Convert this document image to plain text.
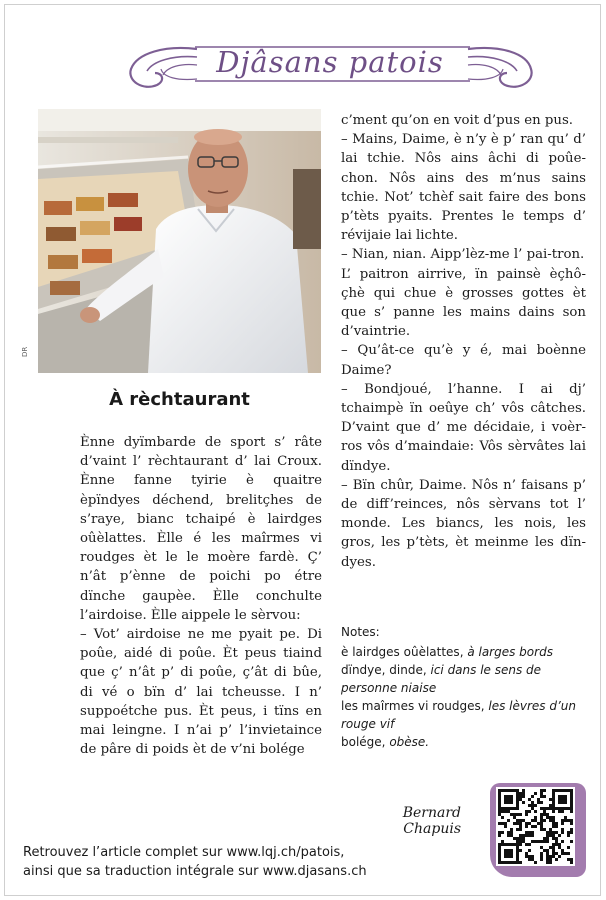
Djâsans patois
DR
À rèchtaurant

Ènne dyïmbarde de sport s’ râte d’vaint l’ rèchtaurant d’ lai Croux. Ènne fanne tyirie è quaitre èpïndyes déchend, brelitçhes de s’raye, bianc tchaipé è lairdges oûèlattes. Èlle é les maîrmes vi roudges èt le le moère fardè. Ç’ n’ât p’ènne de poichi po étre dïnche gaupèe. Èlle conchulte l’airdoise. Èlle aippele le sèrvou:

– Vot’ airdoise ne me pyait pe. Di poûe, aidé di poûe. Èt peus tiaind que ç’ n’ât p’ di poûe, ç’ât di bûe, di vé o bïn d’ lai tcheusse. I n’ suppoétche pus. Èt peus, i tïns en mai leingne. I n’ai p’ l’invietaince de pâre di poids èt de v’ni bolége

c’ment qu’on en voit d’pus en pus.

– Mains, Daime, è n’y è p’ ran qu’ d’ lai tchie. Nôs ains âchi di poûe-chon. Nôs ains des m’nus sains tchie. Not’ tchèf sait faire des bons p’tèts pyaits. Prentes le temps d’ révijaie lai lichte.

– Nian, nian. Aipp’lèz-me l’ pai-tron.

L’ paitron airrive, ïn painsè èçhô-çhè qui chue è grosses gottes èt que s’ panne les mains dains son d’vaintrie.

– Qu’ât-ce qu’è y é, mai boènne Daime?

– Bondjoué, l’hanne. I ai dj’ tchaimpè ïn oeûye ch’ vôs câtches. D’vaint que d’ me décidaie, i voèr-ros vôs d’maindaie: Vôs sèrvâtes lai dïndye.

– Bïn chûr, Daime. Nôs n’ faisans p’ de diff’reinces, nôs sèrvans tot l’ monde. Les biancs, les nois, les gros, les p’tèts, èt meinme les dïn-dyes.

Notes:

è lairdges oûèlattes, à larges bords

dïndye, dinde, ici dans le sens de personne niaise

les maîrmes vi roudges, les lèvres d’un rouge vif

bolége, obèse.

Bernard Chapuis

Retrouvez l’article complet sur www.lqj.ch/patois,

ainsi que sa traduction intégrale sur www.djasans.ch
